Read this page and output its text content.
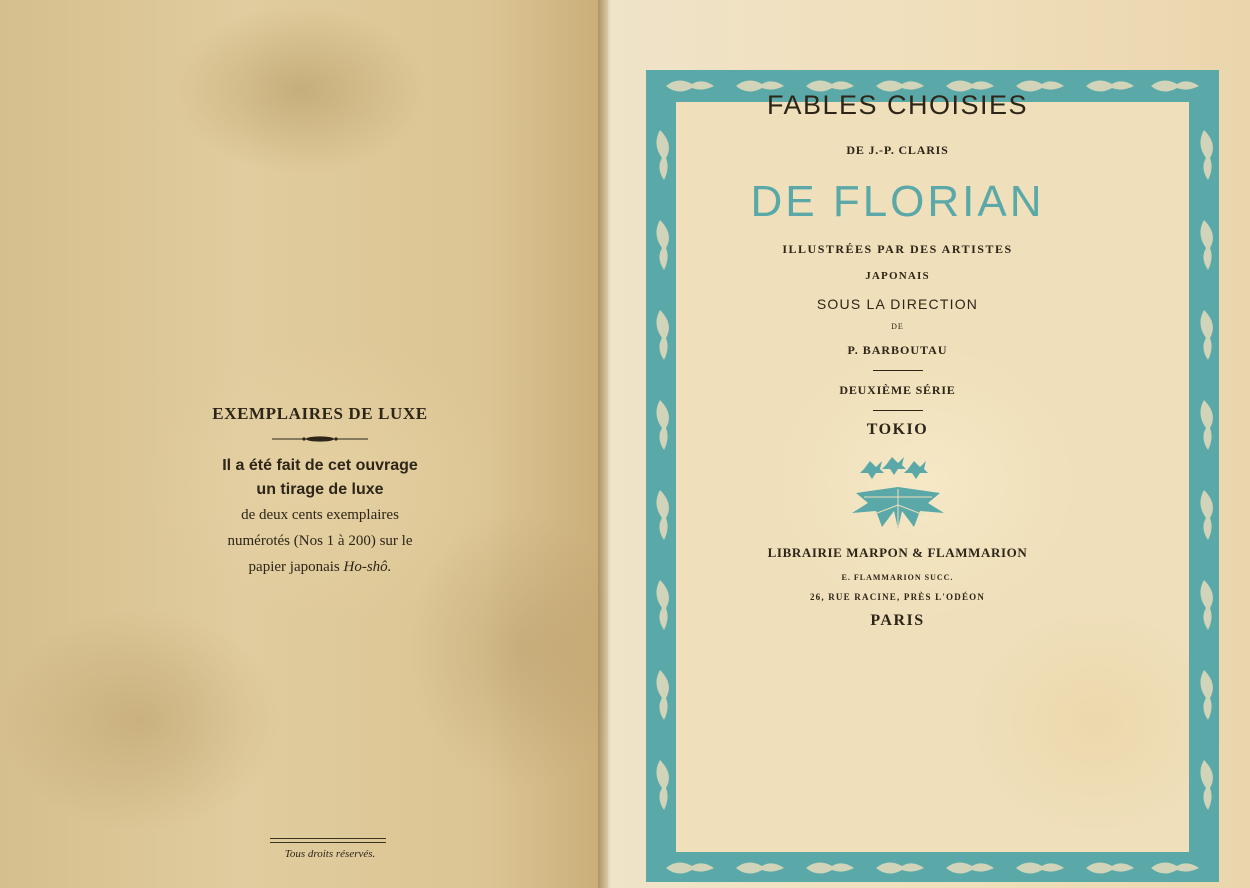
EXEMPLAIRES DE LUXE
Il a été fait de cet ouvrage
un tirage de luxe
de deux cents exemplaires
numérotés (Nos 1 à 200) sur le
papier japonais Ho-shô.
Tous droits réservés.
FABLES CHOISIES
DE J.-P. CLARIS
DE FLORIAN
ILLUSTRÉES PAR DES ARTISTES
JAPONAIS
SOUS LA DIRECTION
DE
P. BARBOUTAU
DEUXIÈME SÉRIE
TOKIO
LIBRAIRIE MARPON & FLAMMARION
E. FLAMMARION SUCC.
26, RUE RACINE, PRÈS L'ODÉON
PARIS
